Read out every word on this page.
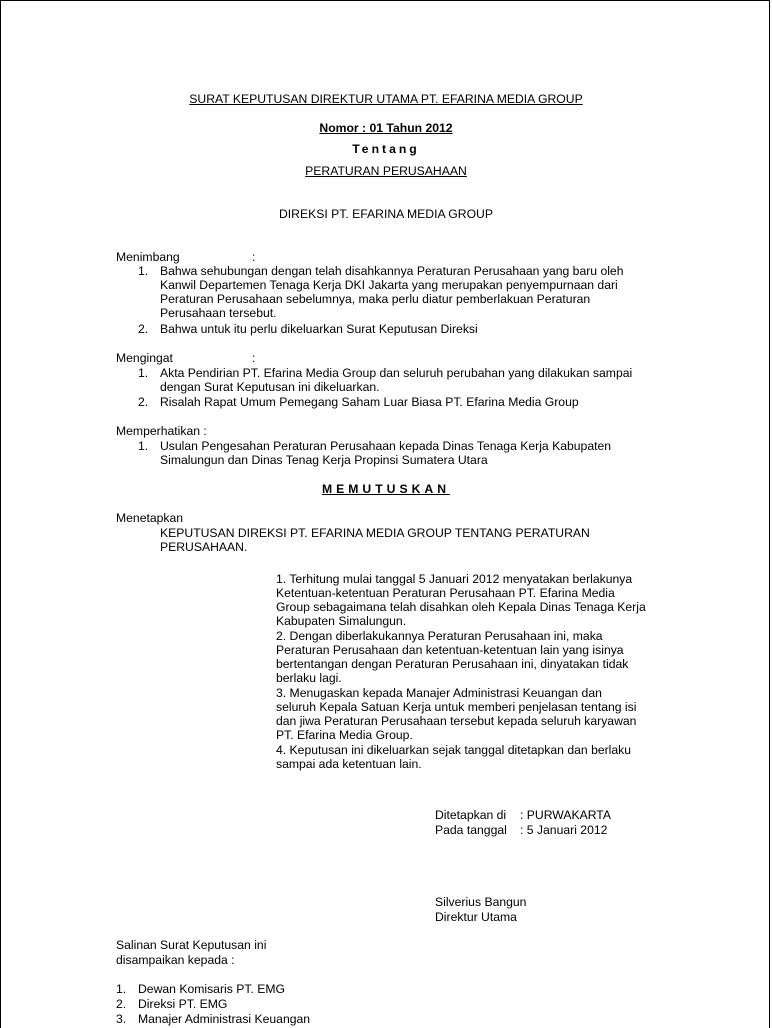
SURAT KEPUTUSAN DIREKTUR UTAMA PT. EFARINA MEDIA GROUP
Nomor : 01 Tahun 2012
Tentang
PERATURAN PERUSAHAAN
DIREKSI PT. EFARINA MEDIA GROUP
Menimbang	:
1. Bahwa sehubungan dengan telah disahkannya Peraturan Perusahaan yang baru oleh
Kanwil Departemen Tenaga Kerja DKI Jakarta yang merupakan penyempurnaan dari
Peraturan Perusahaan sebelumnya, maka perlu diatur pemberlakuan Peraturan
Perusahaan tersebut.
2. Bahwa untuk itu perlu dikeluarkan Surat Keputusan Direksi
Mengingat	:
1. Akta Pendirian PT. Efarina Media Group dan seluruh perubahan yang dilakukan sampai
dengan Surat Keputusan ini dikeluarkan.
2. Risalah Rapat Umum Pemegang Saham Luar Biasa PT. Efarina Media Group
Memperhatikan :
1. Usulan Pengesahan Peraturan Perusahaan kepada Dinas Tenaga Kerja Kabupaten
Simalungun dan Dinas Tenag Kerja Propinsi Sumatera Utara
MEMUTUSKAN
Menetapkan
KEPUTUSAN DIREKSI PT. EFARINA MEDIA GROUP TENTANG PERATURAN
PERUSAHAAN.
1. Terhitung mulai tanggal 5 Januari 2012 menyatakan berlakunya
Ketentuan-ketentuan Peraturan Perusahaan PT. Efarina Media
Group sebagaimana telah disahkan oleh Kepala Dinas Tenaga Kerja
Kabupaten Simalungun.
2. Dengan diberlakukannya Peraturan Perusahaan ini, maka
Peraturan Perusahaan dan ketentuan-ketentuan lain yang isinya
bertentangan dengan Peraturan Perusahaan ini, dinyatakan tidak
berlaku lagi.
3. Menugaskan kepada Manajer Administrasi Keuangan dan
seluruh Kepala Satuan Kerja untuk memberi penjelasan tentang isi
dan jiwa Peraturan Perusahaan tersebut kepada seluruh karyawan
PT. Efarina Media Group.
4. Keputusan ini dikeluarkan sejak tanggal ditetapkan dan berlaku
sampai ada ketentuan lain.
Ditetapkan di : PURWAKARTA
Pada tanggal : 5 Januari 2012
Silverius Bangun
Direktur Utama
Salinan Surat Keputusan ini
disampaikan kepada :
1. Dewan Komisaris PT. EMG
2. Direksi PT. EMG
3. Manajer Administrasi Keuangan
